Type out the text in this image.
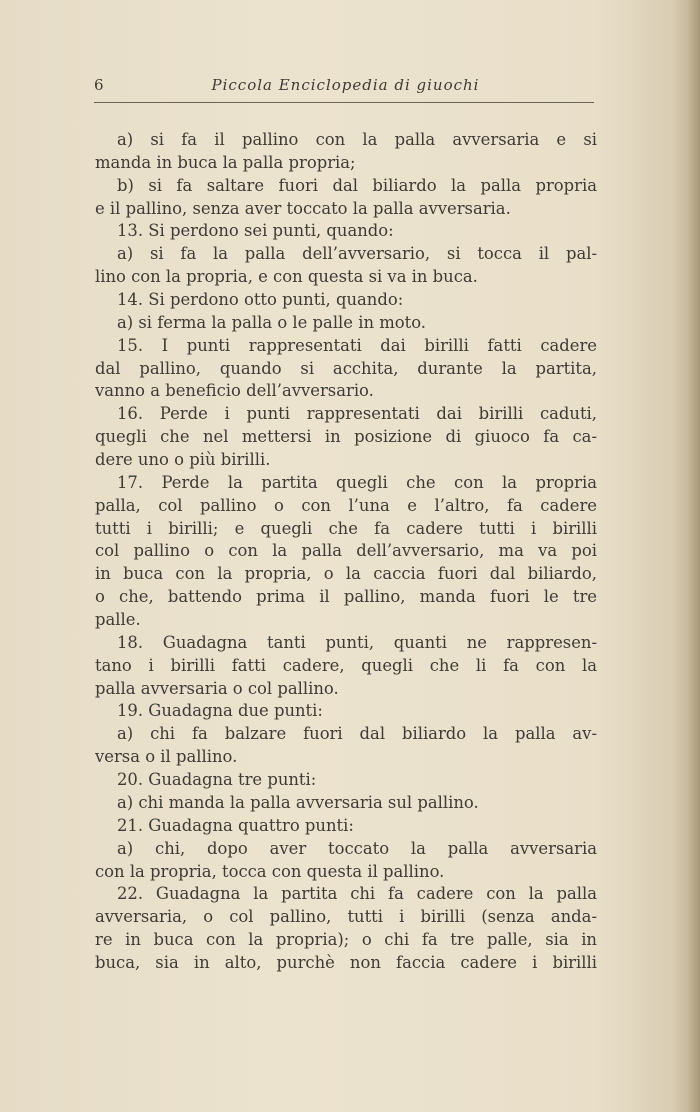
6	Piccola Enciclopedia di giuochi
a) si fa il pallino con la palla avversaria e si
manda in buca la palla propria;
b) si fa saltare fuori dal biliardo la palla propria
e il pallino, senza aver toccato la palla avversaria.
13. Si perdono sei punti, quando:
a) si fa la palla dell’avversario, si tocca il pal-
lino con la propria, e con questa si va in buca.
14. Si perdono otto punti, quando:
a) si ferma la palla o le palle in moto.
15. I punti rappresentati dai birilli fatti cadere
dal pallino, quando si acchita, durante la partita,
vanno a beneficio dell’avversario.
16. Perde i punti rappresentati dai birilli caduti,
quegli che nel mettersi in posizione di giuoco fa ca-
dere uno o più birilli.
17. Perde la partita quegli che con la propria
palla, col pallino o con l’una e l’altro, fa cadere
tutti i birilli; e quegli che fa cadere tutti i birilli
col pallino o con la palla dell’avversario, ma va poi
in buca con la propria, o la caccia fuori dal biliardo,
o che, battendo prima il pallino, manda fuori le tre
palle.
18. Guadagna tanti punti, quanti ne rappresen-
tano i birilli fatti cadere, quegli che li fa con la
palla avversaria o col pallino.
19. Guadagna due punti:
a) chi fa balzare fuori dal biliardo la palla av-
versa o il pallino.
20. Guadagna tre punti:
a) chi manda la palla avversaria sul pallino.
21. Guadagna quattro punti:
a) chi, dopo aver toccato la palla avversaria
con la propria, tocca con questa il pallino.
22. Guadagna la partita chi fa cadere con la palla
avversaria, o col pallino, tutti i birilli (senza anda-
re in buca con la propria); o chi fa tre palle, sia in
buca, sia in alto, purchè non faccia cadere i birilli
